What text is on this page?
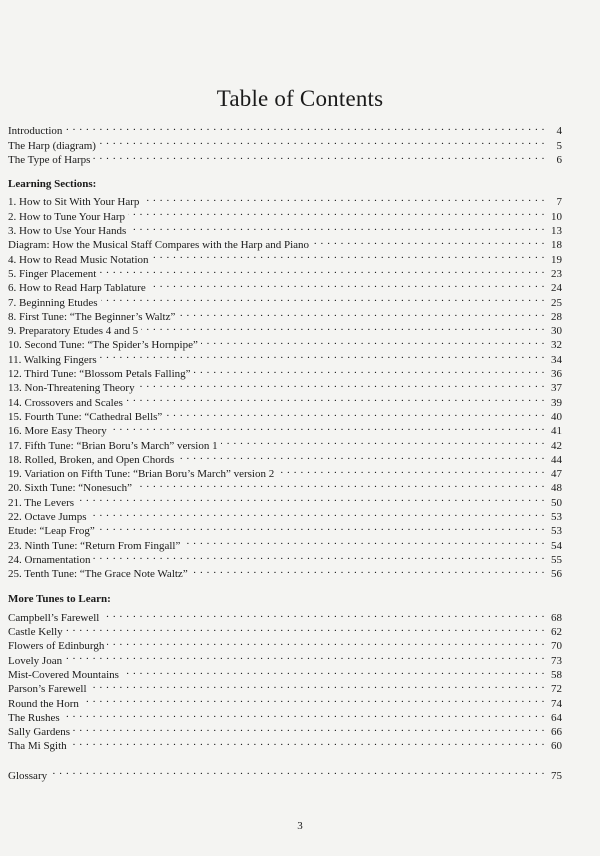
Table of Contents
Introduction . . .	4
The Harp (diagram) . . .	5
The Type of Harps . . .	6
Learning Sections:
1. How to Sit With Your Harp . . .	7
2. How to Tune Your Harp . . .	10
3. How to Use Your Hands . . .	13
Diagram: How the Musical Staff Compares with the Harp and Piano . . .	18
4. How to Read Music Notation . . .	19
5. Finger Placement . . .	23
6. How to Read Harp Tablature . . .	24
7. Beginning Etudes . . .	25
8. First Tune: “The Beginner’s Waltz” . . .	28
9. Preparatory Etudes 4 and 5 . . .	30
10. Second Tune: “The Spider’s Hornpipe” . . .	32
11. Walking Fingers . . .	34
12. Third Tune: “Blossom Petals Falling” . . .	36
13. Non-Threatening Theory . . .	37
14. Crossovers and Scales . . .	39
15. Fourth Tune: “Cathedral Bells” . . .	40
16. More Easy Theory . . .	41
17. Fifth Tune: “Brian Boru’s March” version 1 . . .	42
18. Rolled, Broken, and Open Chords . . .	44
19. Variation on Fifth Tune: “Brian Boru’s March” version 2 . . .	47
20. Sixth Tune: “Nonesuch” . . .	48
21. The Levers . . .	50
22. Octave Jumps . . .	53
Etude: “Leap Frog” . . .	53
23. Ninth Tune: “Return From Fingall” . . .	54
24. Ornamentation . . .	55
25. Tenth Tune: “The Grace Note Waltz” . . .	56
More Tunes to Learn:
Campbell’s Farewell . . .	68
Castle Kelly . . .	62
Flowers of Edinburgh . . .	70
Lovely Joan . . .	73
Mist-Covered Mountains . . .	58
Parson’s Farewell . . .	72
Round the Horn . . .	74
The Rushes . . .	64
Sally Gardens . . .	66
Tha Mi Sgith . . .	60
Glossary . . .	75
3
